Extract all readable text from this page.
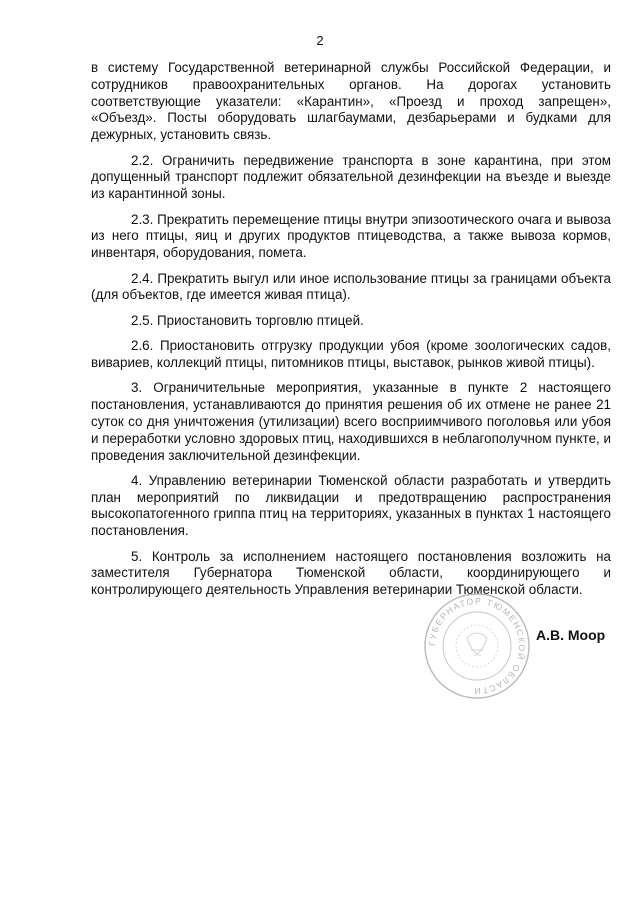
2

в систему Государственной ветеринарной службы Российской Федерации, и сотрудников правоохранительных органов. На дорогах установить соответствующие указатели: «Карантин», «Проезд и проход запрещен», «Объезд». Посты оборудовать шлагбаумами, дезбарьерами и будками для дежурных, установить связь.

2.2. Ограничить передвижение транспорта в зоне карантина, при этом допущенный транспорт подлежит обязательной дезинфекции на въезде и выезде из карантинной зоны.

2.3. Прекратить перемещение птицы внутри эпизоотического очага и вывоза из него птицы, яиц и других продуктов птицеводства, а также вывоза кормов, инвентаря, оборудования, помета.

2.4. Прекратить выгул или иное использование птицы за границами объекта (для объектов, где имеется живая птица).

2.5. Приостановить торговлю птицей.

2.6. Приостановить отгрузку продукции убоя (кроме зоологических садов, вивариев, коллекций птицы, питомников птицы, выставок, рынков живой птицы).

3. Ограничительные мероприятия, указанные в пункте 2 настоящего постановления, устанавливаются до принятия решения об их отмене не ранее 21 суток со дня уничтожения (утилизации) всего восприимчивого поголовья или убоя и переработки условно здоровых птиц, находившихся в неблагополучном пункте, и проведения заключительной дезинфекции.

4. Управлению ветеринарии Тюменской области разработать и утвердить план мероприятий по ликвидации и предотвращению распространения высокопатогенного гриппа птиц на территориях, указанных в пунктах 1 настоящего постановления.

5. Контроль за исполнением настоящего постановления возложить на заместителя Губернатора Тюменской области, координирующего и контролирующего деятельность Управления ветеринарии Тюменской области.

ГУБЕРНАТОР ТЮМЕНСКОЙ ОБЛАСТИ
А.В. Моор
